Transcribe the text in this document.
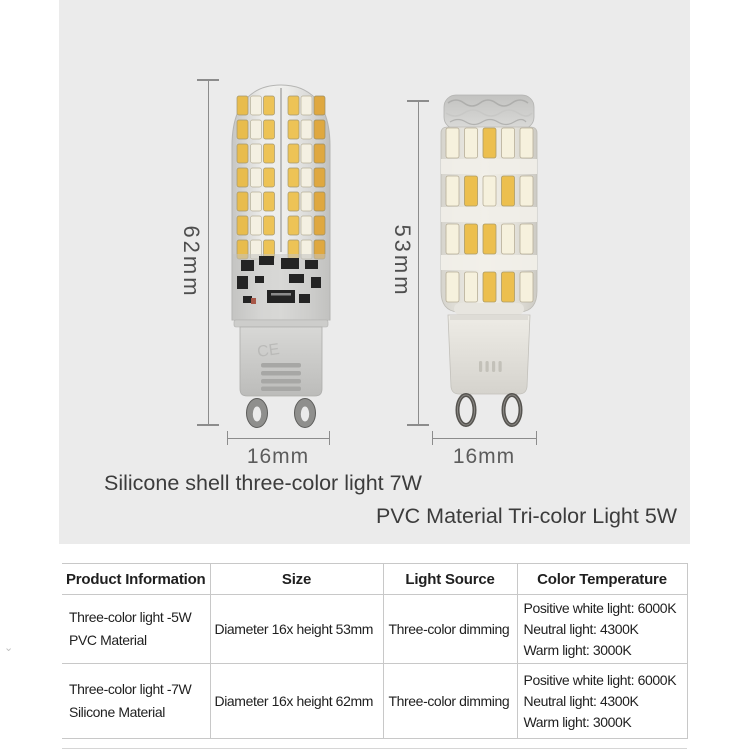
CE
62mm
16mm
53mm
16mm
Silicone shell three-color light 7W
PVC Material Tri-color Light 5W
Product Information	Size	Light Source	Color Temperature

Three-color light -5W
PVC Material	Diameter 16x height 53mm	Three-color dimming	Positive white light: 6000K
Neutral light: 4300K
Warm light: 3000K

Three-color light -7W
Silicone Material	Diameter 16x height 62mm	Three-color dimming	Positive white light: 6000K
Neutral light: 4300K
Warm light: 3000K
⌄
